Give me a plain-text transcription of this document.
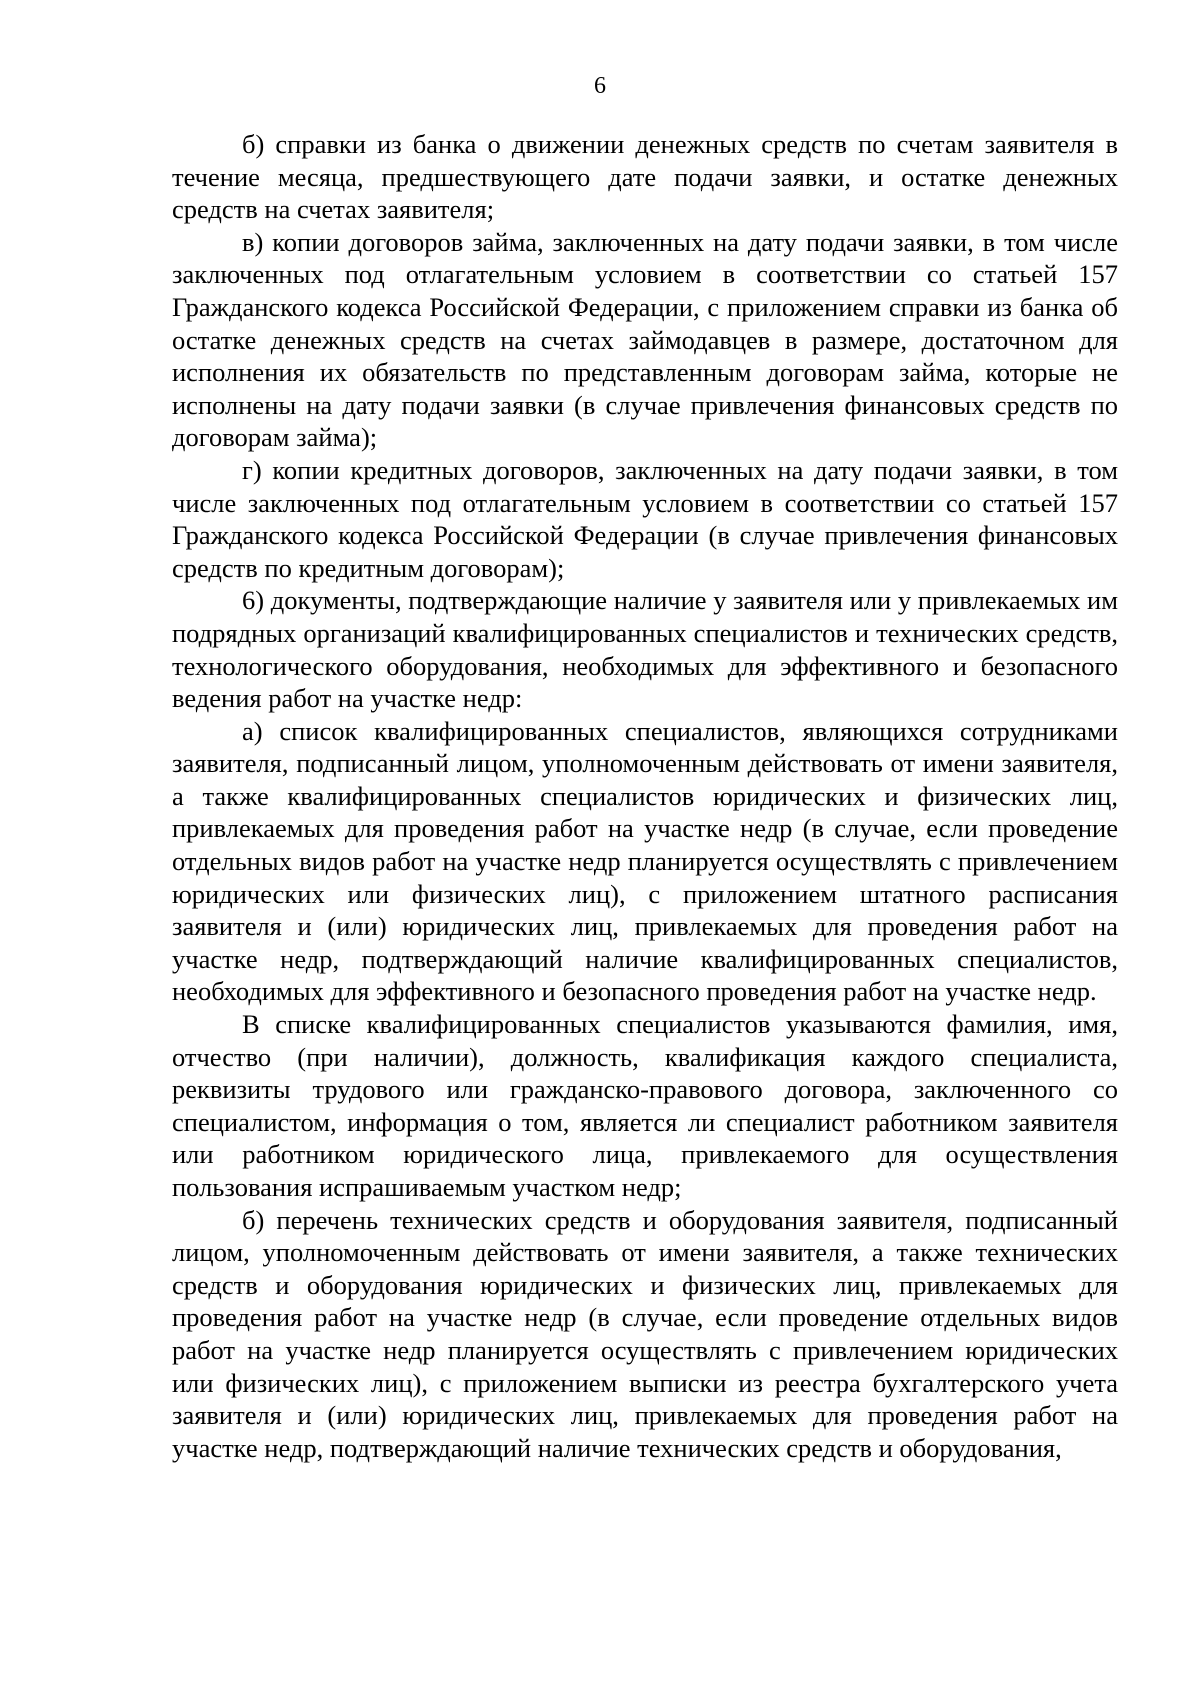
6

б) справки из банка о движении денежных средств по счетам заявителя в течение месяца, предшествующего дате подачи заявки, и остатке денежных средств на счетах заявителя;

в) копии договоров займа, заключенных на дату подачи заявки, в том числе заключенных под отлагательным условием в соответствии со статьей 157 Гражданского кодекса Российской Федерации, с приложением справки из банка об остатке денежных средств на счетах займодавцев в размере, достаточном для исполнения их обязательств по представленным договорам займа, которые не исполнены на дату подачи заявки (в случае привлечения финансовых средств по договорам займа);

г) копии кредитных договоров, заключенных на дату подачи заявки, в том числе заключенных под отлагательным условием в соответствии со статьей 157 Гражданского кодекса Российской Федерации (в случае привлечения финансовых средств по кредитным договорам);

6) документы, подтверждающие наличие у заявителя или у привлекаемых им подрядных организаций квалифицированных специалистов и технических средств, технологического оборудования, необходимых для эффективного и безопасного ведения работ на участке недр:

а) список квалифицированных специалистов, являющихся сотрудниками заявителя, подписанный лицом, уполномоченным действовать от имени заявителя, а также квалифицированных специалистов юридических и физических лиц, привлекаемых для проведения работ на участке недр (в случае, если проведение отдельных видов работ на участке недр планируется осуществлять с привлечением юридических или физических лиц), с приложением штатного расписания заявителя и (или) юридических лиц, привлекаемых для проведения работ на участке недр, подтверждающий наличие квалифицированных специалистов, необходимых для эффективного и безопасного проведения работ на участке недр.

В списке квалифицированных специалистов указываются фамилия, имя, отчество (при наличии), должность, квалификация каждого специалиста, реквизиты трудового или гражданско-правового договора, заключенного со специалистом, информация о том, является ли специалист работником заявителя или работником юридического лица, привлекаемого для осуществления пользования испрашиваемым участком недр;

б) перечень технических средств и оборудования заявителя, подписанный лицом, уполномоченным действовать от имени заявителя, а также технических средств и оборудования юридических и физических лиц, привлекаемых для проведения работ на участке недр (в случае, если проведение отдельных видов работ на участке недр планируется осуществлять с привлечением юридических или физических лиц), с приложением выписки из реестра бухгалтерского учета заявителя и (или) юридических лиц, привлекаемых для проведения работ на участке недр, подтверждающий наличие технических средств и оборудования,
